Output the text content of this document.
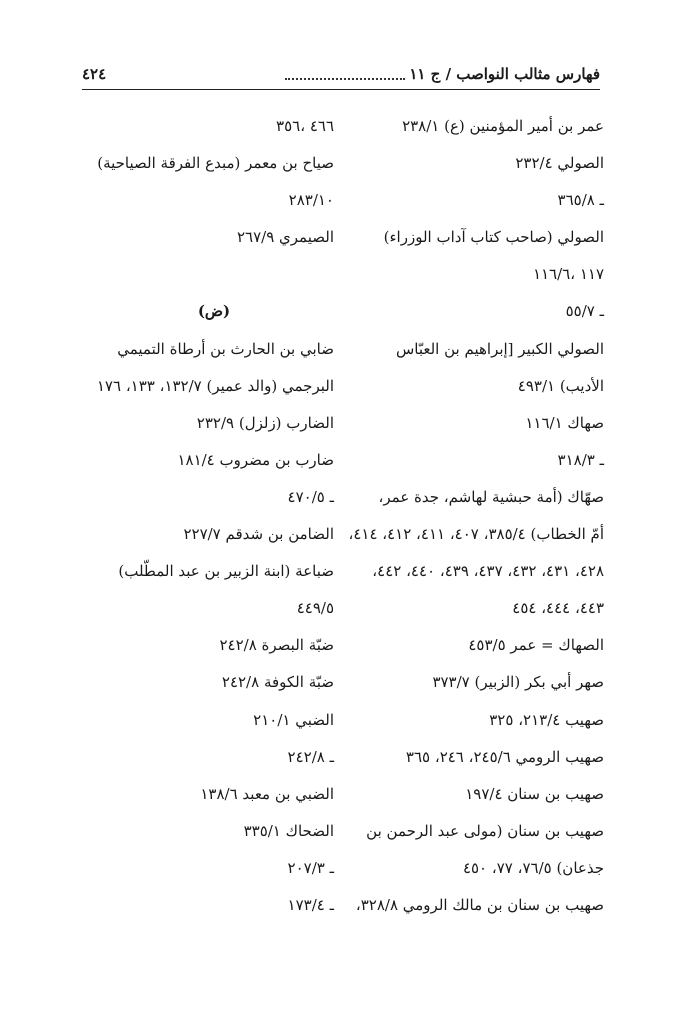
فهارس مثالب النواصب / ج ١١
٤٢٤
عمر بن أمير المؤمنين (ع) ٢٣٨/١
الصولي ٢٣٢/٤
ـ ٣٦٥/٨
الصولي (صاحب كتاب آداب الوزراء)
١١٧ ،١١٦/٦
ـ ٥٥/٧
الصولي الكبير [إبراهيم بن العبّاس
الأديب) ٤٩٣/١
صهاك ١١٦/١
ـ ٣١٨/٣
صهّاك (أمة حبشية لهاشم، جدة عمر،
أمّ الخطاب) ٣٨٥/٤، ٤٠٧، ٤١١، ٤١٢، ٤١٤،
٤٢٨، ٤٣١، ٤٣٢، ٤٣٧، ٤٣٩، ٤٤٠، ٤٤٢،
٤٤٣، ٤٤٤، ٤٥٤
الصهاك = عمر ٤٥٣/٥
صهر أبي بكر (الزبير) ٣٧٣/٧
صهيب ٢١٣/٤، ٣٢٥
صهيب الرومي ٢٤٥/٦، ٢٤٦، ٣٦٥
صهيب بن سنان ١٩٧/٤
صهيب بن سنان (مولى عبد الرحمن بن
جذعان) ٧٦/٥، ٧٧، ٤٥٠
صهيب بن سنان بن مالك الرومي ٣٢٨/٨،
٤٦٦ ،٣٥٦
صياح بن معمر (مبدع الفرقة الصياحية)
٢٨٣/١٠
الصيمري ٢٦٧/٩
(ض)
ضابي بن الحارث بن أرطاة التميمي
البرجمي (والد عمير) ١٣٢/٧، ١٣٣، ١٧٦
الضارب (زلزل) ٢٣٢/٩
ضارب بن مضروب ١٨١/٤
ـ ٤٧٠/٥
الضامن بن شدقم ٢٢٧/٧
ضباعة (ابنة الزبير بن عبد المطّلب)
٤٤٩/٥
ضبّة البصرة ٢٤٢/٨
ضبّة الكوفة ٢٤٢/٨
الضبي ٢١٠/١
ـ ٢٤٢/٨
الضبي بن معبد ١٣٨/٦
الضحاك ٣٣٥/١
ـ ٢٠٧/٣
ـ ١٧٣/٤
